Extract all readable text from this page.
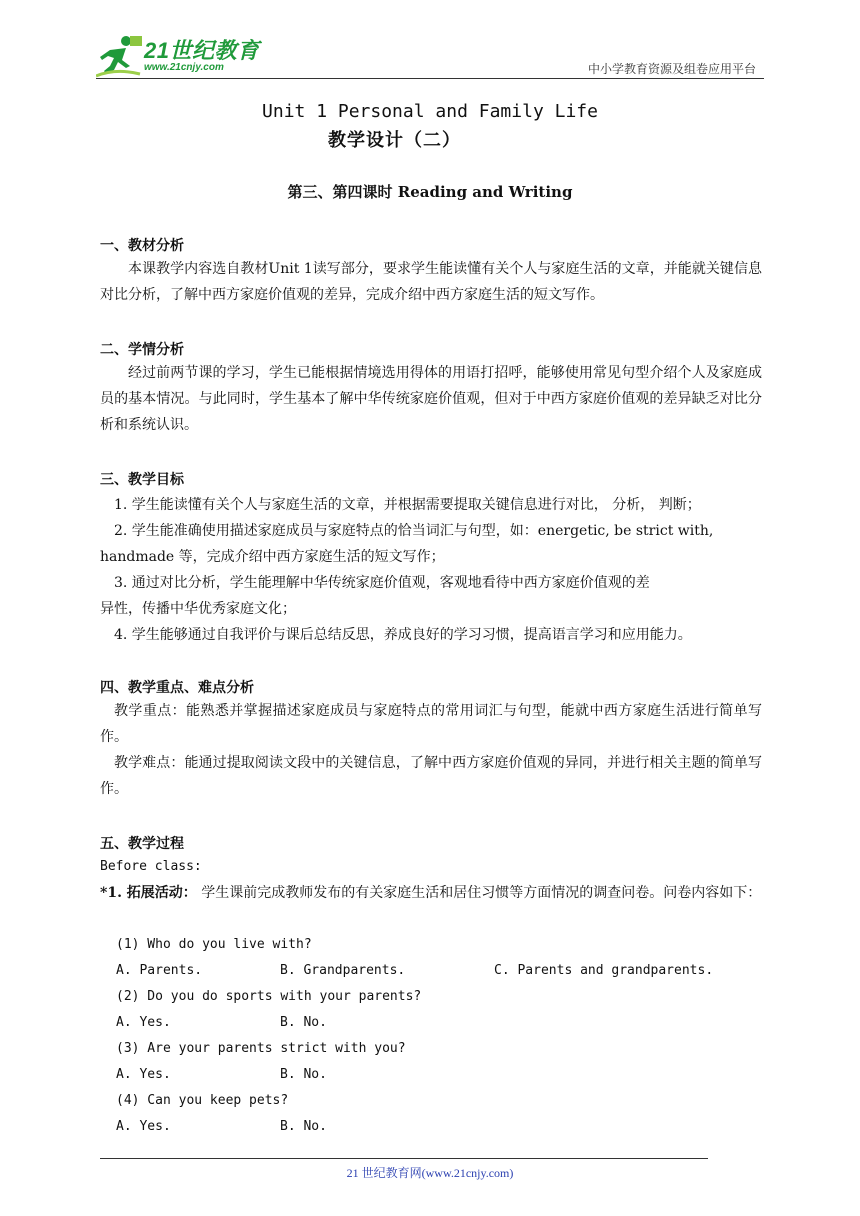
21世纪教育
www.21cnjy.com	中小学教育资源及组卷应用平台
Unit 1 Personal and Family Life
教学设计（二）
第三、第四课时 Reading and Writing
一、教材分析
本课教学内容选自教材Unit 1读写部分，要求学生能读懂有关个人与家庭生活的文章，并能就关键信息对比分析，了解中西方家庭价值观的差异，完成介绍中西方家庭生活的短文写作。
二、学情分析
经过前两节课的学习，学生已能根据情境选用得体的用语打招呼，能够使用常见句型介绍个人及家庭成员的基本情况。与此同时，学生基本了解中华传统家庭价值观，但对于中西方家庭价值观的差异缺乏对比分析和系统认识。
三、教学目标
1. 学生能读懂有关个人与家庭生活的文章，并根据需要提取关键信息进行对比， 分析， 判断；
2. 学生能准确使用描述家庭成员与家庭特点的恰当词汇与句型，如：energetic, be strict with,
handmade 等，完成介绍中西方家庭生活的短文写作；
3. 通过对比分析，学生能理解中华传统家庭价值观，客观地看待中西方家庭价值观的差
异性，传播中华优秀家庭文化；
4. 学生能够通过自我评价与课后总结反思，养成良好的学习习惯，提高语言学习和应用能力。
四、教学重点、难点分析
教学重点：能熟悉并掌握描述家庭成员与家庭特点的常用词汇与句型，能就中西方家庭生活进行简单写作。
教学难点：能通过提取阅读文段中的关键信息，了解中西方家庭价值观的异同，并进行相关主题的简单写作。
五、教学过程
Before class:
*1. 拓展活动： 学生课前完成教师发布的有关家庭生活和居住习惯等方面情况的调查问卷。问卷内容如下：
(1) Who do you live with?
A. Parents.	B. Grandparents.	C. Parents and grandparents.
(2) Do you do sports with your parents?
A. Yes.	B. No.
(3) Are your parents strict with you?
A. Yes.	B. No.
(4) Can you keep pets?
A. Yes.	B. No.
21 世纪教育网(www.21cnjy.com)
